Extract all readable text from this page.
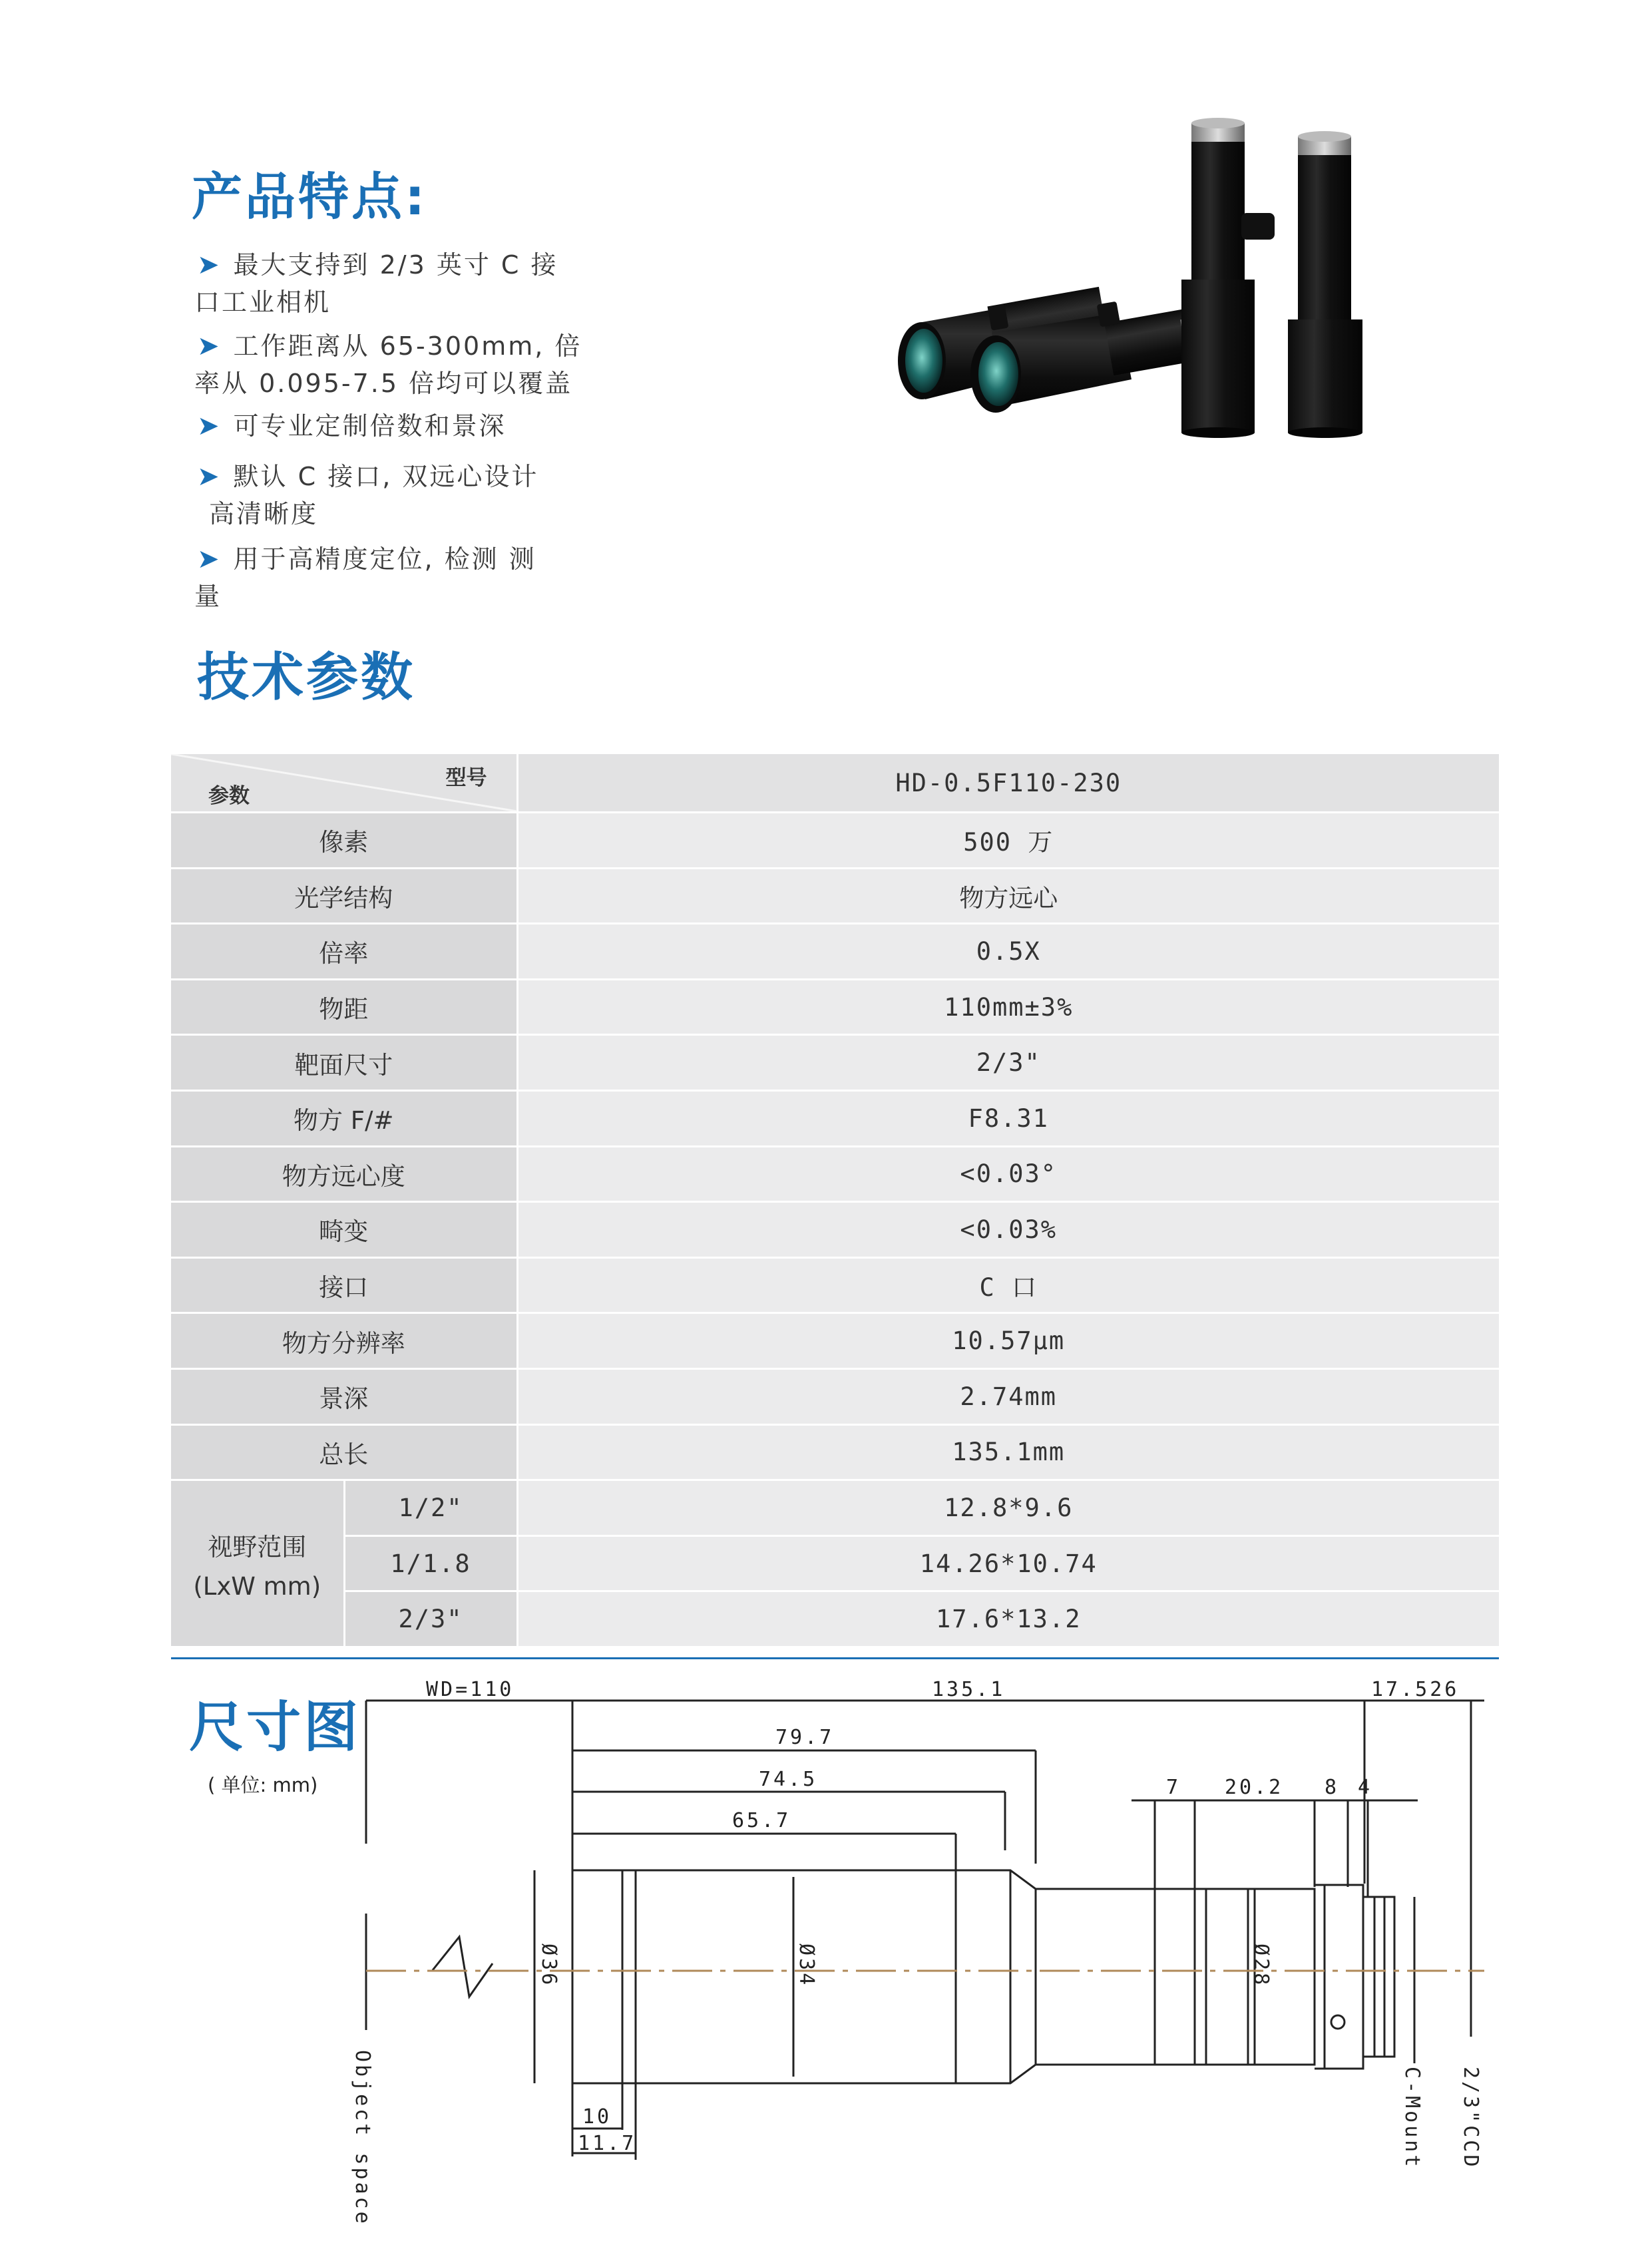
产品特点:
➤ 最大支持到 2/3 英寸 C 接
口工业相机
➤ 工作距离从 65-300mm, 倍
率从 0.095-7.5 倍均可以覆盖
➤ 可专业定制倍数和景深
➤ 默认 C 接口, 双远心设计
高清晰度
➤ 用于高精度定位, 检测 测
量
技术参数
型号
参数		HD-0.5F110-230
像素		500 万
光学结构		物方远心
倍率		0.5X
物距		110mm±3%
靶面尺寸		2/3"
物方 F/#		F8.31
物方远心度		<0.03°
畸变		<0.03%
接口		C 口
物方分辨率		10.57μm
景深		2.74mm
总长		135.1mm

视野范围
(LxW mm)	1/2"	12.8*9.6
	1/1.8	14.26*10.74
	2/3"	17.6*13.2
尺寸图
( 单位: mm)
WD=110	135.1	17.526
79.7
74.5
65.7
7 20.2 8 4
10
11.7
Ø36	Ø34	Ø28
Object space	C-Mount 2/3"CCD
